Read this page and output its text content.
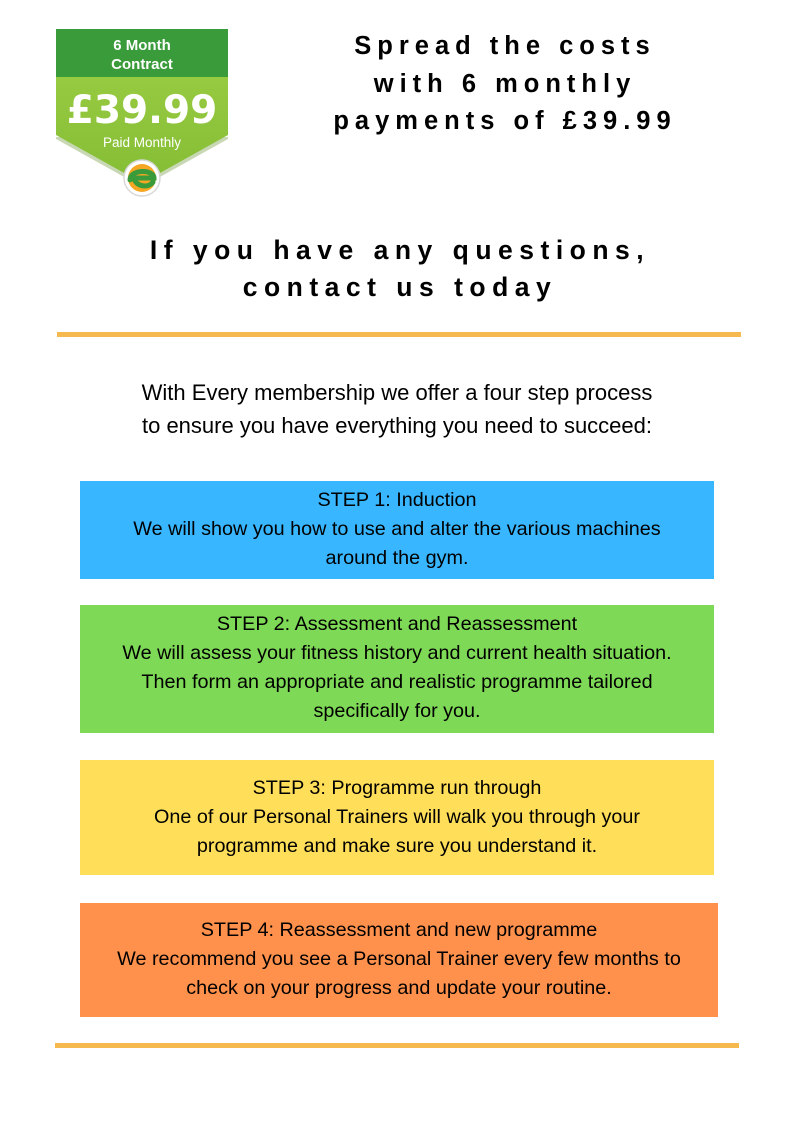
6 Month
Contract
£39.99
Paid Monthly
Spread the costs
with 6 monthly
payments of £39.99
If you have any questions,
contact us today
With Every membership we offer a four step process
to ensure you have everything you need to succeed:
STEP 1: Induction
We will show you how to use and alter the various machines
around the gym.
STEP 2: Assessment and Reassessment
We will assess your fitness history and current health situation.
Then form an appropriate and realistic programme tailored
specifically for you.
STEP 3: Programme run through
One of our Personal Trainers will walk you through your
programme and make sure you understand it.
STEP 4: Reassessment and new programme
We recommend you see a Personal Trainer every few months to
check on your progress and update your routine.
